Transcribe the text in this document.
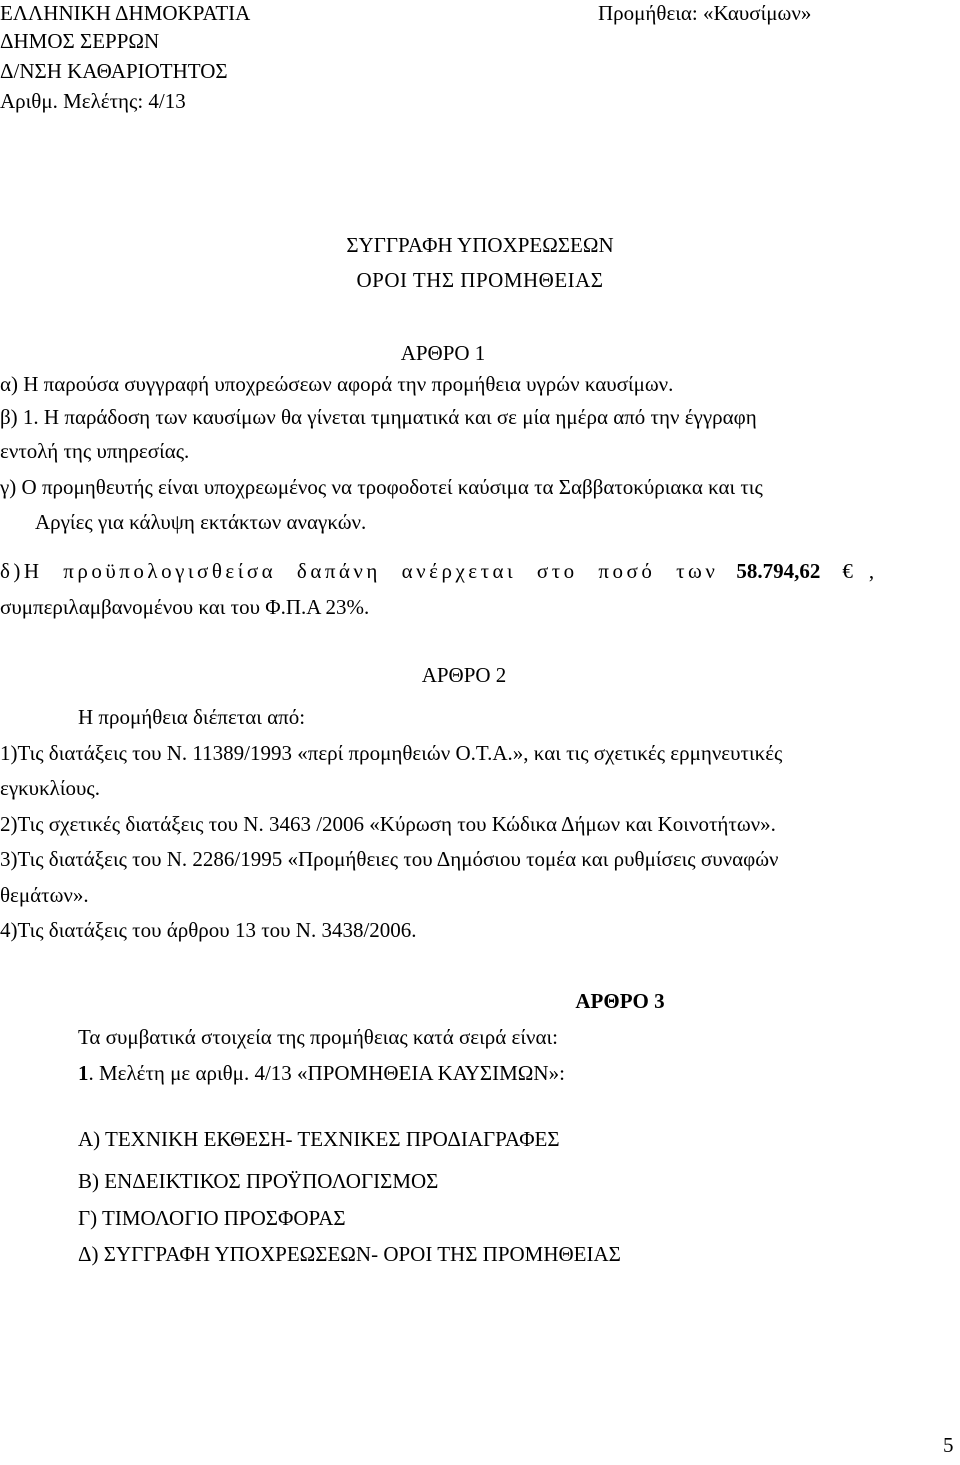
ΕΛΛΗΝΙΚΗ ΔΗΜΟΚΡΑΤΙΑ
ΔΗΜΟΣ ΣΕΡΡΩΝ
Δ/ΝΣΗ ΚΑΘΑΡΙΟΤΗΤΟΣ
Αριθμ. Μελέτης: 4/13
Προμήθεια: «Καυσίμων»
ΣΥΓΓΡΑΦΗ ΥΠΟΧΡΕΩΣΕΩΝ
ΟΡΟΙ ΤΗΣ ΠΡΟΜΗΘΕΙΑΣ
ΑΡΘΡΟ 1
α) Η παρούσα συγγραφή υποχρεώσεων αφορά την προμήθεια υγρών καυσίμων.
β) 1. Η παράδοση των καυσίμων θα γίνεται τμηματικά και σε μία ημέρα από την έγγραφη
εντολή της υπηρεσίας.
γ) Ο προμηθευτής είναι υποχρεωμένος να τροφοδοτεί καύσιμα τα Σαββατοκύριακα και τις
Αργίες για κάλυψη εκτάκτων αναγκών.
δ)Η προϋπολογισθείσα δαπάνη ανέρχεται στο ποσό των 58.794,62 € ,
συμπεριλαμβανομένου και του Φ.Π.Α 23%.
ΑΡΘΡΟ 2
Η προμήθεια διέπεται από:
1)Τις διατάξεις του Ν. 11389/1993 «περί προμηθειών Ο.Τ.Α.», και τις σχετικές ερμηνευτικές
εγκυκλίους.
2)Τις σχετικές διατάξεις του Ν. 3463 /2006 «Κύρωση του Κώδικα Δήμων και Κοινοτήτων».
3)Τις διατάξεις του Ν. 2286/1995 «Προμήθειες του Δημόσιου τομέα και ρυθμίσεις συναφών
θεμάτων».
4)Τις διατάξεις του άρθρου 13 του Ν. 3438/2006.
ΑΡΘΡΟ 3
Τα συμβατικά στοιχεία της προμήθειας κατά σειρά είναι:
1. Μελέτη με αριθμ. 4/13 «ΠΡΟΜΗΘΕΙΑ ΚΑΥΣΙΜΩΝ»:
Α) ΤΕΧΝΙΚΗ ΕΚΘΕΣΗ- ΤΕΧΝΙΚΕΣ ΠΡΟΔΙΑΓΡΑΦΕΣ
Β) ΕΝΔΕΙΚΤΙΚΟΣ ΠΡΟΫΠΟΛΟΓΙΣΜΟΣ
Γ) ΤΙΜΟΛΟΓΙΟ ΠΡΟΣΦΟΡΑΣ
Δ) ΣΥΓΓΡΑΦΗ ΥΠΟΧΡΕΩΣΕΩΝ- ΟΡΟΙ ΤΗΣ ΠΡΟΜΗΘΕΙΑΣ
5
